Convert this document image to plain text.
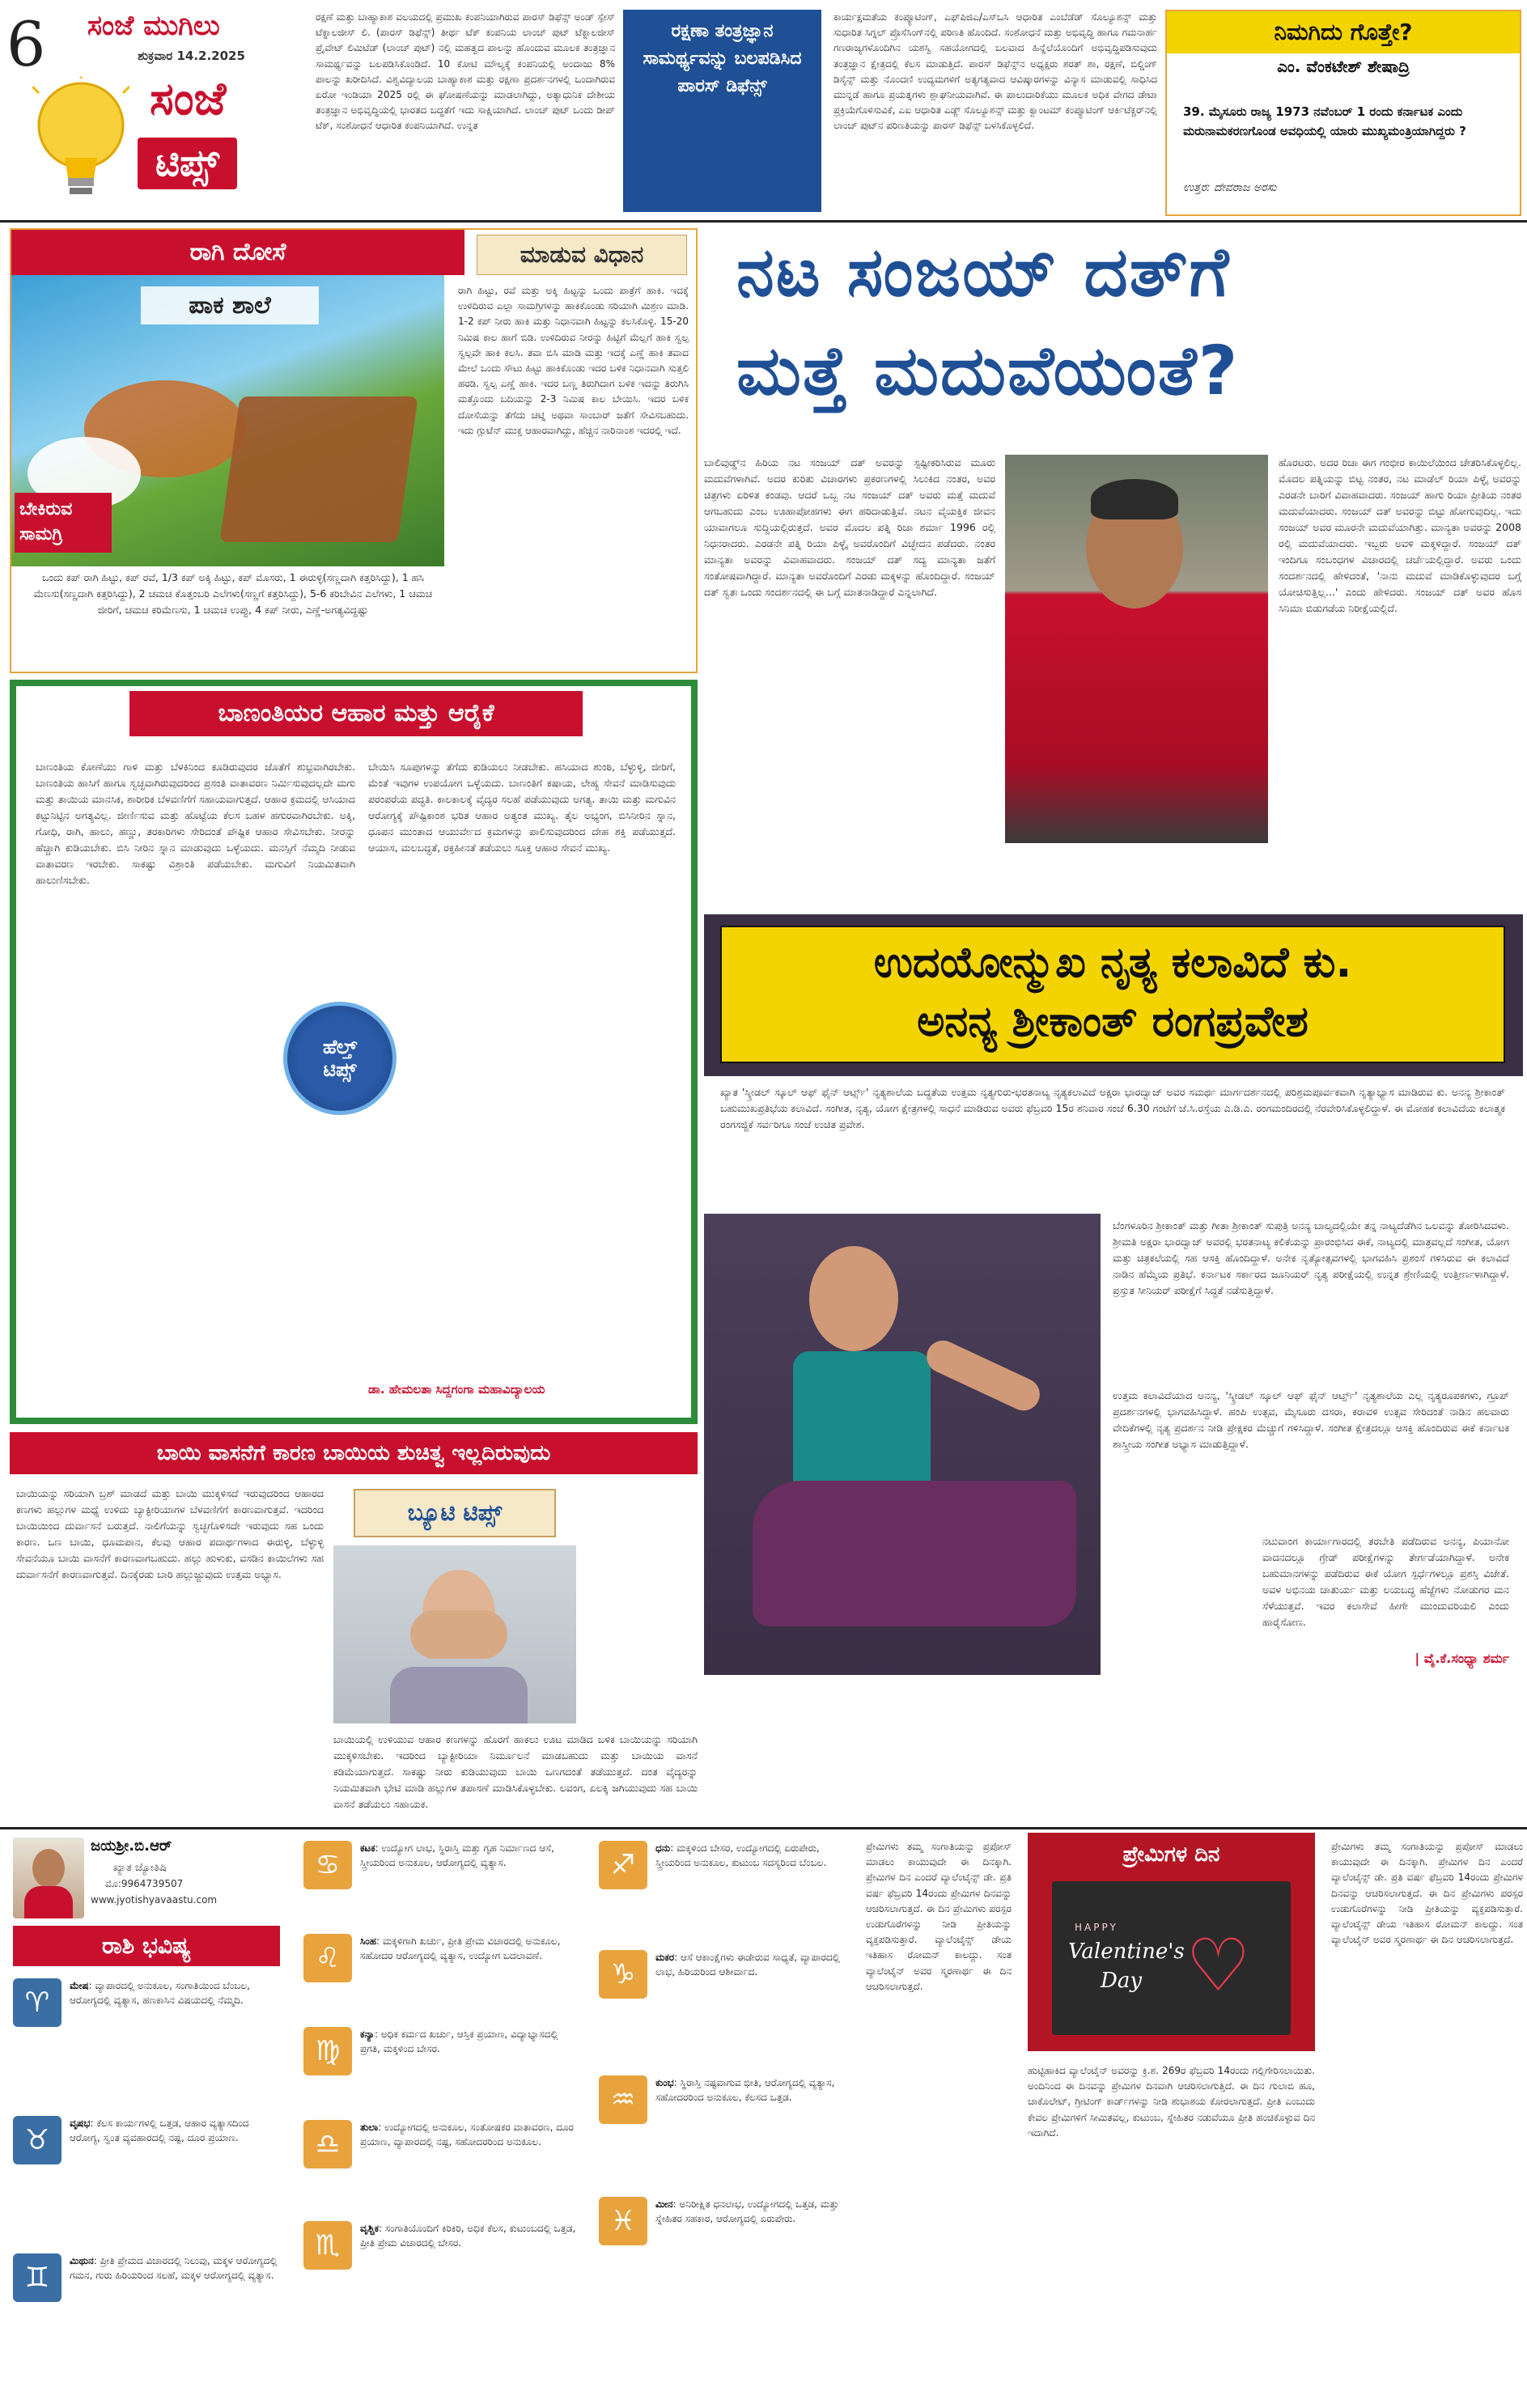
6 ಸಂಜೆ ಮುಗಿಲು
ಶುಕ್ರವಾರ 14.2.2025
ಸಂಜೆ
ಟಿಪ್ಸ್
ರಕ್ಷಣೆ ಮತ್ತು ಬಾಹ್ಯಾಕಾಶ ವಲಯದಲ್ಲಿ ಪ್ರಮುಖ ಕಂಪನಿಯಾಗಿರುವ ಪಾರಸ್ ಡಿಫೆನ್ಸ್ ಅಂಡ್ ಸ್ಪೇಸ್ ಟೆಕ್ನಾಲಜೀಸ್ ಲಿ. (ಪಾರಸ್ ಡಿಫೆನ್ಸ್) ತೀರ್ಥ ಟೆಕ್ ಕಂಪನಿಯ ಲಾಂಚ್ ಪುಟ್ ಟೆಕ್ನಾಲಜೀಸ್ ಪ್ರೈವೇಟ್ ಲಿಮಿಟೆಡ್ (ಲಾಂಚ್ ಪುಟ್) ನಲ್ಲಿ ಮಹತ್ವದ ಪಾಲನ್ನು ಹೊಂದುವ ಮೂಲಕ ತಂತ್ರಜ್ಞಾನ ಸಾಮರ್ಥ್ಯವನ್ನು ಬಲಪಡಿಸಿಕೊಂಡಿದೆ. 10 ಕೋಟಿ ಮೌಲ್ಯಕ್ಕೆ ಕಂಪನಿಯಲ್ಲಿ ಅಂದಾಜು 8% ಪಾಲನ್ನು ಖರೀದಿಸಿದೆ. ವಿಶ್ವವಿದ್ಯಾಲಯ ಬಾಹ್ಯಾಕಾಶ ಮತ್ತು ರಕ್ಷಣಾ ಪ್ರದರ್ಶನಗಳಲ್ಲಿ ಒಂದಾಗಿರುವ ಏರೋ ಇಂಡಿಯಾ 2025 ರಲ್ಲಿ ಈ ಘೋಷಣೆಯನ್ನು ಮಾಡಲಾಗಿದ್ದು, ಅತ್ಯಾಧುನಿಕ ದೇಶೀಯ ತಂತ್ರಜ್ಞಾನ ಅಭಿವೃದ್ಧಿಯಲ್ಲಿ ಭಾರತದ ಬದ್ಧತೆಗೆ ಇದು ಸಾಕ್ಷಿಯಾಗಿದೆ. ಲಾಂಚ್ ಪುಟ್ ಒಂದು ಡೀಪ್ ಟೆಕ್, ಸಂಶೋಧನೆ ಆಧಾರಿತ ಕಂಪನಿಯಾಗಿದೆ. ಉನ್ನತ
ರಕ್ಷಣಾ ತಂತ್ರಜ್ಞಾನ ಸಾಮರ್ಥ್ಯವನ್ನು ಬಲಪಡಿಸಿದ ಪಾರಸ್ ಡಿಫೆನ್ಸ್
ಕಾರ್ಯಕ್ಷಮತೆಯ ಕಂಪ್ಯೂಟಿಂಗ್, ಎಫ್‌ಪಿಜಿಎ/ಎಸ್‌ಒಸಿ ಆಧಾರಿತ ಎಂಬೆಡೆಡ್ ಸೊಲ್ಯೂಶನ್ಸ್ ಮತ್ತು ಸುಧಾರಿತ ಸಿಗ್ನಲ್ ಪ್ರೊಸೆಸಿಂಗ್‌ನಲ್ಲಿ ಪರಿಣತಿ ಹೊಂದಿದೆ. ಸಂಶೋಧನೆ ಮತ್ತು ಅಭಿವೃದ್ಧಿ ಹಾಗೂ ಗಮನಾರ್ಹ ಗಣರಾಜ್ಯಗಳೊಂದಿಗಿನ ಯಶಸ್ವಿ ಸಹಯೋಗದಲ್ಲಿ ಬಲವಾದ ಹಿನ್ನೆಲೆಯೊಂದಿಗೆ ಅಭಿವೃದ್ಧಿಪಡಿಸುವುದು ತಂತ್ರಜ್ಞಾನ ಕ್ಷೇತ್ರದಲ್ಲಿ ಕೆಲಸ ಮಾಡುತ್ತಿದೆ. ಪಾರಸ್ ಡಿಫೆನ್ಸ್‌ನ ಅಧ್ಯಕ್ಷರು ಶರತ್ ಶಾ, ರಕ್ಷಣೆ, ಬಿಲ್ಡಿಂಗ್ ಡಿಸೈನ್ಸ್ ಮತ್ತು ನೊಂದಣಿ ಉದ್ಯಮಗಳಿಗೆ ಅತ್ಯಗತ್ಯವಾದ ಆವಿಷ್ಕಾರಗಳನ್ನು ವಿನ್ಯಾಸ ಮಾಡುವಲ್ಲಿ ಸಾಧಿಸಿದ ಮುನ್ನಡೆ ಹಾಗೂ ಪ್ರಯತ್ನಗಳು ಶ್ಲಾಘನೀಯವಾಗಿವೆ. ಈ ಪಾಲುದಾರಿಕೆಯು ಮೂಲಕ ಅಧಿಕ ವೇಗದ ಡೇಟಾ ಪ್ರಕ್ರಿಯೆಗೊಳಿಸುವಿಕೆ, ಎಐ ಆಧಾರಿತ ಎಡ್ಜ್ ಸೊಲ್ಯೂಶನ್ಸ್ ಮತ್ತು ಕ್ವಾಂಟಮ್ ಕಂಪ್ಯೂಟಿಂಗ್ ಆರ್ಕಿಟೆಕ್ಚರ್‌ನಲ್ಲಿ ಲಾಂಚ್ ಪುಟ್‌ನ ಪರಿಣತಿಯನ್ನು ಪಾರಸ್ ಡಿಫೆನ್ಸ್ ಬಳಸಿಕೊಳ್ಳಲಿದೆ.
ನಿಮಗಿದು ಗೊತ್ತೇ?
ಎಂ. ವೆಂಕಟೇಶ್ ಶೇಷಾದ್ರಿ
39. ಮೈಸೂರು ರಾಜ್ಯ 1973 ನವೆಂಬರ್ 1 ರಂದು ಕರ್ನಾಟಕ ಎಂದು ಮರುನಾಮಕರಣಗೊಂಡ ಅವಧಿಯಲ್ಲಿ ಯಾರು ಮುಖ್ಯಮಂತ್ರಿಯಾಗಿದ್ದರು ?
ಉತ್ತರ: ದೇವರಾಜ ಅರಸು
ರಾಗಿ ದೋಸೆ	ಮಾಡುವ ವಿಧಾನ
ಪಾಕ ಶಾಲೆ
ಬೇಕಿರುವ ಸಾಮಗ್ರಿ
ರಾಗಿ ಹಿಟ್ಟು, ರವೆ ಮತ್ತು ಅಕ್ಕಿ ಹಿಟ್ಟನ್ನು ಒಂದು ಪಾತ್ರೆಗೆ ಹಾಕಿ. ಇದಕ್ಕೆ ಉಳಿದಿರುವ ಎಲ್ಲಾ ಸಾಮಗ್ರಿಗಳನ್ನು ಹಾಕಿಕೊಂಡು ಸರಿಯಾಗಿ ಮಿಶ್ರಣ ಮಾಡಿ. 1-2 ಕಪ್ ನೀರು ಹಾಕಿ ಮತ್ತು ನಿಧಾನವಾಗಿ ಹಿಟ್ಟನ್ನು ಕಲಸಿಕೊಳ್ಳಿ. 15-20 ನಿಮಿಷ ಕಾಲ ಹಾಗೆ ಬಿಡಿ. ಉಳಿದಿರುವ ನೀರನ್ನು ಹಿಟ್ಟಿಗೆ ಮೆಲ್ಲಗೆ ಹಾಕಿ ಸ್ವಲ್ಪ ಸ್ವಲ್ಪವೇ ಹಾಕಿ ಕಲಸಿ. ತವಾ ಬಿಸಿ ಮಾಡಿ ಮತ್ತು ಇದಕ್ಕೆ ಎಣ್ಣೆ ಹಾಕಿ ತವಾದ ಮೇಲೆ ಒಂದು ಸೌಟು ಹಿಟ್ಟು ಹಾಕಿಕೊಂಡು ಇದರ ಬಳಿಕ ನಿಧಾನವಾಗಿ ಸುತ್ತಲಿ ಹರಡಿ. ಸ್ವಲ್ಪ ಎಣ್ಣೆ ಹಾಕಿ. ಇದರ ಬಣ್ಣ ತಿರುಗಿದಾಗ ಬಳಿಕ ಇದನ್ನು ತಿರುಗಿಸಿ ಮತ್ತೊಂದು ಬದಿಯನ್ನು 2-3 ನಿಮಿಷ ಕಾಲ ಬೇಯಿಸಿ. ಇದರ ಬಳಿಕ ದೋಸೆಯನ್ನು ತೆಗೆದು ಚಟ್ನಿ ಅಥವಾ ಸಾಂಬಾರ್ ಜತೆಗೆ ಸೇವಿಸಬಹುದು. ಇದು ಗ್ಲುಟೆನ್ ಮುಕ್ತ ಆಹಾರವಾಗಿದ್ದು, ಹೆಚ್ಚಿನ ನಾರಿನಾಂಶ ಇದರಲ್ಲಿ ಇದೆ.
ಒಂದು ಕಪ್ ರಾಗಿ ಹಿಟ್ಟು, ಕಪ್ ರವೆ, 1/3 ಕಪ್ ಅಕ್ಕಿ ಹಿಟ್ಟು, ಕಪ್ ಮೊಸರು, 1 ಈರುಳ್ಳಿ(ಸಣ್ಣದಾಗಿ ಕತ್ತರಿಸಿದ್ದು), 1 ಹಸಿ ಮೆಣಸು(ಸಣ್ಣದಾಗಿ ಕತ್ತರಿಸಿದ್ದು), 2 ಚಮಚ ಕೊತ್ತಂಬರಿ ಎಲೆಗಳು(ಸಣ್ಣಗೆ ಕತ್ತರಿಸಿದ್ದು), 5-6 ಕರಿಬೇವಿನ ಎಲೆಗಳು, 1 ಚಮಚ ಜೀರಿಗೆ, ಚಮಚ ಕರಿಮೆಣಸು, 1 ಚಮಚ ಉಪ್ಪು, 4 ಕಪ್ ನೀರು, ಎಣ್ಣೆ-ಅಗತ್ಯವಿದ್ದಷ್ಟು
ನಟ ಸಂಜಯ್ ದತ್‌ಗೆ
ಮತ್ತೆ ಮದುವೆಯಂತೆ?
ಬಾಲಿವುಡ್ಡ್‌ನ ಹಿರಿಯ ನಟ ಸಂಜಯ್ ದತ್ ಅವರನ್ನು ಸ್ಪಷ್ಟೀಕರಿಸಿರುವ ಮೂರು ಮದುವೆಗಳಾಗಿವೆ. ಅದರ ಕುರಿತು ವಿಚಾರಗಳು ಪ್ರಕರಣಗಳಲ್ಲಿ ಸಿಲುಕಿದ ನಂತರ, ಅವರ ಚಿತ್ರಗಳು ಏರಿಳಿತ ಕಂಡವು. ಆದರೆ ಒಬ್ಬ ನಟ ಸಂಜಯ್ ದತ್ ಅವರು ಮತ್ತೆ ಮದುವೆ ಆಗಬಹುದು ಎಂಬ ಊಹಾಪೋಹಗಳು ಈಗ ಹರಿದಾಡುತ್ತಿವೆ. ನಟನ ವೈಯಕ್ತಿಕ ಜೀವನ ಯಾವಾಗಲೂ ಸುದ್ದಿಯಲ್ಲಿರುತ್ತದೆ. ಅವರ ಮೊದಲ ಪತ್ನಿ ರಿಚಾ ಶರ್ಮಾ 1996 ರಲ್ಲಿ ನಿಧನರಾದರು. ಎರಡನೇ ಪತ್ನಿ ರಿಯಾ ಪಿಳ್ಳೈ ಅವರೊಂದಿಗೆ ವಿಚ್ಛೇದನ ಪಡೆದರು. ನಂತರ ಮಾನ್ಯತಾ ಅವರನ್ನು ವಿವಾಹವಾದರು. ಸಂಜಯ್ ದತ್ ಸದ್ಯ ಮಾನ್ಯತಾ ಜತೆಗೆ ಸಂತೋಷವಾಗಿದ್ದಾರೆ. ಮಾನ್ಯತಾ ಅವರೊಂದಿಗೆ ಎರಡು ಮಕ್ಕಳನ್ನು ಹೊಂದಿದ್ದಾರೆ. ಸಂಜಯ್ ದತ್ ಸ್ವತಃ ಒಂದು ಸಂದರ್ಶನದಲ್ಲಿ ಈ ಬಗ್ಗೆ ಮಾತನಾಡಿದ್ದಾರೆ ಎನ್ನಲಾಗಿದೆ.
ಹೊರಟರು. ಅದರ ರಿಚಾ ಈಗ ಗಂಭೀರ ಕಾಯಿಲೆಯಿಂದ ಚೇತರಿಸಿಕೊಳ್ಳಲಿಲ್ಲ. ಮೊದಲ ಪತ್ನಿಯನ್ನು ಬಿಟ್ಟ ನಂತರ, ನಟ ಮಾಡೆಲ್ ರಿಯಾ ಪಿಳ್ಳೈ ಅವರನ್ನು ಎರಡನೇ ಬಾರಿಗೆ ವಿವಾಹವಾದರು. ಸಂಜಯ್ ಹಾಗು ರಿಯಾ ಪ್ರೀತಿಯ ನಂತರ ಮದುವೆಯಾದರು. ಸಂಜಯ್ ದತ್ ಅವರನ್ನು ಬಿಟ್ಟು ಹೋಗುವುದಿಲ್ಲ. ಇದು ಸಂಜಯ್ ಅವರ ಮೂರನೇ ಮದುವೆಯಾಗಿತ್ತು. ಮಾನ್ಯತಾ ಅವರನ್ನು 2008 ರಲ್ಲಿ ಮದುವೆಯಾದರು. ಇಬ್ಬರು ಅವಳಿ ಮಕ್ಕಳಿದ್ದಾರೆ. ಸಂಜಯ್ ದತ್ ಇಂದಿಗೂ ಸಂಬಂಧಗಳ ವಿಚಾರದಲ್ಲಿ ಚರ್ಚೆಯಲ್ಲಿದ್ದಾರೆ. ಅವರು ಒಂದು ಸಂದರ್ಶನದಲ್ಲಿ ಹೇಳಿದಂತೆ, 'ನಾನು ಮದುವೆ ಮಾಡಿಕೊಳ್ಳುವುದರ ಬಗ್ಗೆ ಯೋಚಿಸುತ್ತಿಲ್ಲ...' ಎಂದು ಹೇಳಿದರು. ಸಂಜಯ್ ದತ್ ಅವರ ಹೊಸ ಸಿನಿಮಾ ಬಿಡುಗಡೆಯ ನಿರೀಕ್ಷೆಯಲ್ಲಿದೆ.
ಬಾಣಂತಿಯರ ಆಹಾರ ಮತ್ತು ಆರೈಕೆ
ಬಾಣಂತಿಯ ಕೋಣೆಯು ಗಾಳಿ ಮತ್ತು ಬೆಳಕಿನಿಂದ ಕೂಡಿರುವುದರ ಜೊತೆಗೆ ಶುಭ್ರವಾಗಿರಬೇಕು. ಬಾಣಂತಿಯ ಹಾಸಿಗೆ ಹಾಗೂ ಸ್ವಚ್ಛವಾಗಿರುವುದರಿಂದ ಪ್ರಸಂತಿ ವಾತಾವರಣ ನಿರ್ಮಿಸುವುದಲ್ಲದೇ ಮಗು ಮತ್ತು ತಾಯಿಯ ಮಾನಸಿಕ, ಶಾರೀರಿಕ ಬೆಳವಣಿಗೆಗೆ ಸಹಾಯವಾಗುತ್ತದೆ. ಆಹಾರ ಕ್ರಮದಲ್ಲಿ ಆಸಿಯಾದ ಕಟ್ಟುನಿಟ್ಟಿನ ಅಗತ್ಯವಿಲ್ಲ. ಜೀರ್ಣಿಸುವ ಮತ್ತು ಹೊಟ್ಟೆಯ ಕೆಲಸ ಬಹಳ ಹಗುರವಾಗಿರಬೇಕು. ಅಕ್ಕಿ, ಗೋಧಿ, ರಾಗಿ, ಹಾಲು, ಹಣ್ಣು, ತರಕಾರಿಗಳು ಸೇರಿದಂತೆ ಪೌಷ್ಟಿಕ ಆಹಾರ ಸೇವಿಸಬೇಕು. ನೀರನ್ನು ಹೆಚ್ಚಾಗಿ ಕುಡಿಯಬೇಕು. ಬಿಸಿ ನೀರಿನ ಸ್ನಾನ ಮಾಡುವುದು ಒಳ್ಳೆಯದು. ಮನಸ್ಸಿಗೆ ನೆಮ್ಮದಿ ನೀಡುವ ವಾತಾವರಣ ಇರಬೇಕು. ಸಾಕಷ್ಟು ವಿಶ್ರಾಂತಿ ಪಡೆಯಬೇಕು. ಮಗುವಿಗೆ ನಿಯಮಿತವಾಗಿ ಹಾಲುಣಿಸಬೇಕು.
ಬೇಯಿಸಿ ಸೂಪುಗಳನ್ನು ತೆಗೆದು ಕುಡಿಯಲು ನೀಡಬೇಕು. ಹಸಿಯಾದ ಶುಂಠಿ, ಬೆಳ್ಳುಳ್ಳಿ, ಜೀರಿಗೆ, ಮೆಂತೆ ಇವುಗಳ ಉಪಯೋಗ ಒಳ್ಳೆಯದು. ಬಾಣಂತಿಗೆ ಕಷಾಯ, ಲೇಹ್ಯ ಸೇವನೆ ಮಾಡಿಸುವುದು ಪರಂಪರೆಯ ಪದ್ಧತಿ. ಕಾಲಕಾಲಕ್ಕೆ ವೈದ್ಯರ ಸಲಹೆ ಪಡೆಯುವುದು ಅಗತ್ಯ. ತಾಯಿ ಮತ್ತು ಮಗುವಿನ ಆರೋಗ್ಯಕ್ಕೆ ಪೌಷ್ಟಿಕಾಂಶ ಭರಿತ ಆಹಾರ ಅತ್ಯಂತ ಮುಖ್ಯ. ತೈಲ ಅಭ್ಯಂಗ, ಬಿಸಿನೀರಿನ ಸ್ನಾನ, ಧೂಪನ ಮುಂತಾದ ಆಯುರ್ವೇದ ಕ್ರಮಗಳನ್ನು ಪಾಲಿಸುವುದರಿಂದ ದೇಹ ಶಕ್ತಿ ಪಡೆಯುತ್ತದೆ. ಆಯಾಸ, ಮಲಬದ್ಧತೆ, ರಕ್ತಹೀನತೆ ತಡೆಯಲು ಸೂಕ್ತ ಆಹಾರ ಸೇವನೆ ಮುಖ್ಯ.
ಹೆಲ್ತ್
ಟಿಪ್ಸ್
ಡಾ. ಹೇಮಲತಾ ಸಿದ್ದಗಂಗಾ ಮಹಾವಿದ್ಯಾಲಯ
ಉದಯೋನ್ಮುಖ ನೃತ್ಯ ಕಲಾವಿದೆ ಕು.
ಅನನ್ಯ ಶ್ರೀಕಾಂತ್ ರಂಗಪ್ರವೇಶ
ಖ್ಯಾತ 'ಸ್ಕ್ರೀಡಲ್ ಸ್ಕೂಲ್ ಆಫ್ ಫೈನ್ ಆರ್ಟ್ಸ್' ನೃತ್ಯಶಾಲೆಯ ಬದ್ಧತೆಯ ಉತ್ತಮ ನೃತ್ಯಗುರು-ಭರತನಾಟ್ಯ ನೃತ್ಯಕಲಾವಿದೆ ಅಕ್ಷರಾ ಭಾರದ್ವಾಜ್ ಅವರ ಸಮರ್ಥ ಮಾರ್ಗದರ್ಶನದಲ್ಲಿ ಪರಿಶ್ರಮಪೂರ್ವಕವಾಗಿ ನೃತ್ಯಾಭ್ಯಾಸ ಮಾಡಿರುವ ಕು. ಅನನ್ಯ ಶ್ರೀಕಾಂತ್ ಬಹುಮುಖಪ್ರತಿಭೆಯ ಕಲಾವಿದೆ. ಸಂಗೀತ, ನೃತ್ಯ, ಯೋಗ ಕ್ಷೇತ್ರಗಳಲ್ಲಿ ಸಾಧನೆ ಮಾಡಿರುವ ಅವರು ಫೆಬ್ರವರಿ 15ರ ಶನಿವಾರ ಸಂಜೆ 6.30 ಗಂಟೆಗೆ ಜೆ.ಸಿ.ರಸ್ತೆಯ ಎ.ಡಿ.ಎ. ರಂಗಮಂದಿರದಲ್ಲಿ ನೆರವೇರಿಸಿಕೊಳ್ಳಲಿದ್ದಾಳೆ. ಈ ಮೋಹಕ ಕಲಾವಿದೆಯ ಕಲಾತ್ಮಕ ರಂಗಸಜ್ಜಿಕೆ ಸರ್ವರಿಗೂ ಸಂಜೆ ಉಚಿತ ಪ್ರವೇಶ.
ಬೆಂಗಳೂರಿನ ಶ್ರೀಕಾಂತ್ ಮತ್ತು ಗೀತಾ ಶ್ರೀಕಾಂತ್ ಸುಪುತ್ರಿ ಅನನ್ಯ ಬಾಲ್ಯದಲ್ಲಿಯೇ ತನ್ನ ನಾಟ್ಯದೆಡೆಗಿನ ಒಲವನ್ನು ತೋರಿಸಿದವಳು. ಶ್ರೀಮತಿ ಅಕ್ಷರಾ ಭಾರದ್ವಾಜ್ ಅವರಲ್ಲಿ ಭರತನಾಟ್ಯ ಕಲಿಕೆಯನ್ನು ಪ್ರಾರಂಭಿಸಿದ ಈಕೆ, ನಾಟ್ಯದಲ್ಲಿ ಮಾತ್ರವಲ್ಲದೆ ಸಂಗೀತ, ಯೋಗ ಮತ್ತು ಚಿತ್ರಕಲೆಯಲ್ಲಿ ಸಹ ಆಸಕ್ತಿ ಹೊಂದಿದ್ದಾಳೆ. ಅನೇಕ ನೃತ್ಯೋತ್ಸವಗಳಲ್ಲಿ ಭಾಗವಹಿಸಿ ಪ್ರಶಂಸೆ ಗಳಿಸಿರುವ ಈ ಕಲಾವಿದೆ ನಾಡಿನ ಹೆಮ್ಮೆಯ ಪ್ರತಿಭೆ. ಕರ್ನಾಟಕ ಸರ್ಕಾರದ ಜೂನಿಯರ್ ನೃತ್ಯ ಪರೀಕ್ಷೆಯಲ್ಲಿ ಉನ್ನತ ಶ್ರೇಣಿಯಲ್ಲಿ ಉತ್ತೀರ್ಣಳಾಗಿದ್ದಾಳೆ. ಪ್ರಸ್ತುತ ಸೀನಿಯರ್ ಪರೀಕ್ಷೆಗೆ ಸಿದ್ಧತೆ ನಡೆಸುತ್ತಿದ್ದಾಳೆ.
ಉತ್ತಮ ಕಲಾವಿದೆಯಾದ ಅನನ್ಯ, 'ಸ್ಕ್ರೀಡಲ್ ಸ್ಕೂಲ್ ಆಫ್ ಫೈನ್ ಆರ್ಟ್ಸ್' ನೃತ್ಯಶಾಲೆಯ ಎಲ್ಲ ನೃತ್ಯರೂಪಕಗಳು, ಗ್ರೂಪ್ ಪ್ರದರ್ಶನಗಳಲ್ಲಿ ಭಾಗವಹಿಸಿದ್ದಾಳೆ. ಹಂಪಿ ಉತ್ಸವ, ಮೈಸೂರು ದಸರಾ, ಕರಾವಳಿ ಉತ್ಸವ ಸೇರಿದಂತೆ ನಾಡಿನ ಹಲವಾರು ವೇದಿಕೆಗಳಲ್ಲಿ ನೃತ್ಯ ಪ್ರದರ್ಶನ ನೀಡಿ ಪ್ರೇಕ್ಷಕರ ಮೆಚ್ಚುಗೆ ಗಳಿಸಿದ್ದಾಳೆ. ಸಂಗೀತ ಕ್ಷೇತ್ರದಲ್ಲೂ ಆಸಕ್ತಿ ಹೊಂದಿರುವ ಈಕೆ ಕರ್ನಾಟಕ ಶಾಸ್ತ್ರೀಯ ಸಂಗೀತ ಅಭ್ಯಾಸ ಮಾಡುತ್ತಿದ್ದಾಳೆ.
ನಟುವಾಂಗ ಕಾರ್ಯಾಗಾರದಲ್ಲಿ ತರಬೇತಿ ಪಡೆದಿರುವ ಅನನ್ಯ, ಪಿಯಾನೋ ವಾದನದಲ್ಲೂ ಗ್ರೇಡ್ ಪರೀಕ್ಷೆಗಳನ್ನು ತೇರ್ಗಡೆಯಾಗಿದ್ದಾಳೆ. ಅನೇಕ ಬಹುಮಾನಗಳನ್ನು ಪಡೆದಿರುವ ಈಕೆ ಯೋಗ ಸ್ಪರ್ಧೆಗಳಲ್ಲೂ ಪ್ರಶಸ್ತಿ ವಿಜೇತೆ. ಅವಳ ಅಭಿನಯ ಚಾತುರ್ಯ ಮತ್ತು ಲಯಬದ್ಧ ಹೆಜ್ಜೆಗಳು ನೋಡುಗರ ಮನ ಸೆಳೆಯುತ್ತವೆ. ಇವರ ಕಲಾಸೇವೆ ಹೀಗೇ ಮುಂದುವರಿಯಲಿ ಎಂದು ಹಾರೈಸೋಣ.
| ವೈ.ಕೆ.ಸಂಧ್ಯಾ ಶರ್ಮ
ಬಾಯಿ ವಾಸನೆಗೆ ಕಾರಣ ಬಾಯಿಯ ಶುಚಿತ್ವ ಇಲ್ಲದಿರುವುದು
ಬಾಯಿಯನ್ನು ಸರಿಯಾಗಿ ಬ್ರಶ್ ಮಾಡದೆ ಮತ್ತು ಬಾಯಿ ಮುಕ್ಕಳಿಸದೆ ಇರುವುದರಿಂದ ಆಹಾರದ ಕಣಗಳು ಹಲ್ಲುಗಳ ಮಧ್ಯೆ ಉಳಿದು ಬ್ಯಾಕ್ಟೀರಿಯಾಗಳ ಬೆಳವಣಿಗೆಗೆ ಕಾರಣವಾಗುತ್ತವೆ. ಇದರಿಂದ ಬಾಯಿಯಿಂದ ದುರ್ವಾಸನೆ ಬರುತ್ತದೆ. ನಾಲಿಗೆಯನ್ನು ಸ್ವಚ್ಛಗೊಳಿಸದೇ ಇರುವುದು ಸಹ ಒಂದು ಕಾರಣ. ಒಣ ಬಾಯಿ, ಧೂಮಪಾನ, ಕೆಲವು ಆಹಾರ ಪದಾರ್ಥಗಳಾದ ಈರುಳ್ಳಿ, ಬೆಳ್ಳುಳ್ಳಿ ಸೇವನೆಯೂ ಬಾಯಿ ವಾಸನೆಗೆ ಕಾರಣವಾಗಬಹುದು. ಹಲ್ಲು ಹುಳುಕು, ವಸಡಿನ ಕಾಯಿಲೆಗಳು ಸಹ ದುರ್ವಾಸನೆಗೆ ಕಾರಣವಾಗುತ್ತವೆ. ದಿನಕ್ಕೆರಡು ಬಾರಿ ಹಲ್ಲುಜ್ಜುವುದು ಉತ್ತಮ ಅಭ್ಯಾಸ.
ಬ್ಯೂಟಿ ಟಿಪ್ಸ್
ಬಾಯಿಯಲ್ಲಿ ಉಳಿಯುವ ಆಹಾರ ಕಣಗಳನ್ನು ಹೊರಗೆ ಹಾಕಲು ಊಟ ಮಾಡಿದ ಬಳಿಕ ಬಾಯಿಯನ್ನು ಸರಿಯಾಗಿ ಮುಕ್ಕಳಿಸಬೇಕು. ಇದರಿಂದ ಬ್ಯಾಕ್ಟೀರಿಯಾ ನಿರ್ಮೂಲನೆ ಮಾಡಬಹುದು ಮತ್ತು ಬಾಯಿಯ ವಾಸನೆ ಕಡಿಮೆಯಾಗುತ್ತದೆ. ಸಾಕಷ್ಟು ನೀರು ಕುಡಿಯುವುದು ಬಾಯಿ ಒಣಗದಂತೆ ತಡೆಯುತ್ತದೆ. ದಂತ ವೈದ್ಯರನ್ನು ನಿಯಮಿತವಾಗಿ ಭೇಟಿ ಮಾಡಿ ಹಲ್ಲುಗಳ ತಪಾಸಣೆ ಮಾಡಿಸಿಕೊಳ್ಳಬೇಕು. ಲವಂಗ, ಏಲಕ್ಕಿ ಜಗಿಯುವುದು ಸಹ ಬಾಯಿ ವಾಸನೆ ತಡೆಯಲು ಸಹಾಯಕ.
ಜಯಶ್ರೀ.ಬಿ.ಆರ್
ಖ್ಯಾತ ಜ್ಯೋತಿಷಿ
ಮೊ:9964739507
www.jyotishyavaastu.com
ರಾಶಿ ಭವಿಷ್ಯ
♈
ಮೇಷ: ವ್ಯಾಪಾರದಲ್ಲಿ ಅನುಕೂಲ, ಸಂಗಾತಿಯಿಂದ ಬೆಂಬಲ, ಆರೋಗ್ಯದಲ್ಲಿ ವ್ಯತ್ಯಾಸ, ಹಣಕಾಸಿನ ವಿಷಯದಲ್ಲಿ ನೆಮ್ಮದಿ.
♉
ವೃಷಭ: ಕೆಲಸ ಕಾರ್ಯಗಳಲ್ಲಿ ಒತ್ತಡ, ಆಹಾರ ವ್ಯತ್ಯಾಸದಿಂದ ಆರೋಗ್ಯ, ಸ್ವಂತ ವ್ಯವಹಾರದಲ್ಲಿ ನಷ್ಟ, ದೂರ ಪ್ರಯಾಣ.
♊
ಮಿಥುನ: ಪ್ರೀತಿ ಪ್ರೇಮದ ವಿಚಾರದಲ್ಲಿ ನಿಲುವು, ಮಕ್ಕಳ ಆರೋಗ್ಯದಲ್ಲಿ ಗಮನ, ಗುರು ಹಿರಿಯರಿಂದ ಸಲಹೆ, ಮಕ್ಕಳ ಆರೋಗ್ಯದಲ್ಲಿ ವ್ಯತ್ಯಾಸ.
♋
ಕಟಕ: ಉದ್ಯೋಗ ಲಾಭ, ಸ್ಥಿರಾಸ್ತಿ ಮತ್ತು ಗೃಹ ನಿರ್ಮಾಣದ ಆಸೆ, ಸ್ತ್ರೀಯರಿಂದ ಅನುಕೂಲ, ಆರೋಗ್ಯದಲ್ಲಿ ವ್ಯತ್ಯಾಸ.
♌
ಸಿಂಹ: ಮಕ್ಕಳಿಗಾಗಿ ಖರ್ಚು, ಪ್ರೀತಿ ಪ್ರೇಮ ವಿಚಾರದಲ್ಲಿ ಅನುಕೂಲ, ಸಹೋದರ ಆರೋಗ್ಯದಲ್ಲಿ ವ್ಯತ್ಯಾಸ, ಉದ್ಯೋಗ ಬದಲಾವಣೆ.
♍
ಕನ್ಯಾ: ಅಧಿಕ ಕರ್ಮದ ಖರ್ಚು, ಆಸ್ತಿಕ ಪ್ರಯಾಣ, ವಿದ್ಯಾಭ್ಯಾಸದಲ್ಲಿ ಪ್ರಗತಿ, ಮಕ್ಕಳಿಂದ ಬೇಸರ.
♎
ತುಲಾ: ಉದ್ಯೋಗದಲ್ಲಿ ಅನುಕೂಲ, ಸಂತೋಷಕರ ವಾತಾವರಣ, ದೂರ ಪ್ರಯಾಣ, ವ್ಯಾಪಾರದಲ್ಲಿ ನಷ್ಟ, ಸಹೋದರರಿಂದ ಅನುಕೂಲ.
♏
ವೃಶ್ಚಿಕ: ಸಂಗಾತಿಯೊಂದಿಗೆ ಕಿರಿಕಿರಿ, ಅಧಿಕ ಕೆಲಸ, ಕುಟುಂಬದಲ್ಲಿ ಒತ್ತಡ, ಪ್ರೀತಿ ಪ್ರೇಮ ವಿಚಾರದಲ್ಲಿ ಬೇಸರ.
♐
ಧನು: ಮಕ್ಕಳಿಂದ ಬೇಸರ, ಉದ್ಯೋಗದಲ್ಲಿ ಏರುಪೇರು, ಸ್ತ್ರೀಯರಿಂದ ಅನುಕೂಲ, ಕುಟುಂಬ ಸದಸ್ಯರಿಂದ ಬೆಂಬಲ.
♑
ಮಕರ: ಆಸೆ ಆಕಾಂಕ್ಷೆಗಳು ಈಡೇರುವ ಸಾಧ್ಯತೆ, ವ್ಯಾಪಾರದಲ್ಲಿ ಲಾಭ, ಹಿರಿಯರಿಂದ ಆಶೀರ್ವಾದ.
♒
ಕುಂಭ: ಸ್ಥಿರಾಸ್ತಿ ನಷ್ಟವಾಗುವ ಭೀತಿ, ಆರೋಗ್ಯದಲ್ಲಿ ವ್ಯತ್ಯಾಸ, ಸಹೋದರರಿಂದ ಅನುಕೂಲ, ಕೆಲಸದ ಒತ್ತಡ.
♓
ಮೀನ: ಅನಿರೀಕ್ಷಿತ ಧನಲಾಭ, ಉದ್ಯೋಗದಲ್ಲಿ ಒತ್ತಡ, ಮತ್ತು ಸ್ನೇಹಿತರ ಸಹಕಾರ, ಆರೋಗ್ಯದಲ್ಲಿ ಏರುಪೇರು.
ಪ್ರೇಮಿಗಳು ತಮ್ಮ ಸಂಗಾತಿಯನ್ನು ಪ್ರಪೋಸ್ ಮಾಡಲು ಕಾಯುವುದೇ ಈ ದಿನಕ್ಕಾಗಿ. ಪ್ರೇಮಿಗಳ ದಿನ ಎಂದರೆ ವ್ಯಾಲೆಂಟೈನ್ಸ್ ಡೇ. ಪ್ರತಿ ವರ್ಷ ಫೆಬ್ರವರಿ 14ರಂದು ಪ್ರೇಮಿಗಳ ದಿನವನ್ನು ಆಚರಿಸಲಾಗುತ್ತದೆ. ಈ ದಿನ ಪ್ರೇಮಿಗಳು ಪರಸ್ಪರ ಉಡುಗೊರೆಗಳನ್ನು ನೀಡಿ ಪ್ರೀತಿಯನ್ನು ವ್ಯಕ್ತಪಡಿಸುತ್ತಾರೆ. ವ್ಯಾಲೆಂಟೈನ್ಸ್ ಡೇಯ ಇತಿಹಾಸ ರೋಮನ್ ಕಾಲದ್ದು. ಸಂತ ವ್ಯಾಲೆಂಟೈನ್ ಅವರ ಸ್ಮರಣಾರ್ಥ ಈ ದಿನ ಆಚರಿಸಲಾಗುತ್ತದೆ.
ಪ್ರೇಮಿಗಳ ದಿನ
HAPPY
Valentine's
Day ♡
ಹುಟ್ಟಿಹಾಕಿದ ವ್ಯಾಲೆಂಟೈನ್ ಅವರನ್ನು ಕ್ರಿ.ಶ. 269ರ ಫೆಬ್ರವರಿ 14ರಂದು ಗಲ್ಲಿಗೇರಿಸಲಾಯಿತು. ಅಂದಿನಿಂದ ಈ ದಿನವನ್ನು ಪ್ರೇಮಿಗಳ ದಿನವಾಗಿ ಆಚರಿಸಲಾಗುತ್ತಿದೆ. ಈ ದಿನ ಗುಲಾಬಿ ಹೂ, ಚಾಕೊಲೇಟ್, ಗ್ರೀಟಿಂಗ್ ಕಾರ್ಡ್‌ಗಳನ್ನು ನೀಡಿ ಶುಭಾಶಯ ಕೋರಲಾಗುತ್ತದೆ. ಪ್ರೀತಿ ಎಂಬುದು ಕೇವಲ ಪ್ರೇಮಿಗಳಿಗೆ ಸೀಮಿತವಲ್ಲ, ಕುಟುಂಬ, ಸ್ನೇಹಿತರ ನಡುವೆಯೂ ಪ್ರೀತಿ ಹಂಚಿಕೊಳ್ಳುವ ದಿನ ಇದಾಗಿದೆ.
ಪ್ರೇಮಿಗಳು ತಮ್ಮ ಸಂಗಾತಿಯನ್ನು ಪ್ರಪೋಸ್ ಮಾಡಲು ಕಾಯುವುದೇ ಈ ದಿನಕ್ಕಾಗಿ. ಪ್ರೇಮಿಗಳ ದಿನ ಎಂದರೆ ವ್ಯಾಲೆಂಟೈನ್ಸ್ ಡೇ. ಪ್ರತಿ ವರ್ಷ ಫೆಬ್ರವರಿ 14ರಂದು ಪ್ರೇಮಿಗಳ ದಿನವನ್ನು ಆಚರಿಸಲಾಗುತ್ತದೆ. ಈ ದಿನ ಪ್ರೇಮಿಗಳು ಪರಸ್ಪರ ಉಡುಗೊರೆಗಳನ್ನು ನೀಡಿ ಪ್ರೀತಿಯನ್ನು ವ್ಯಕ್ತಪಡಿಸುತ್ತಾರೆ. ವ್ಯಾಲೆಂಟೈನ್ಸ್ ಡೇಯ ಇತಿಹಾಸ ರೋಮನ್ ಕಾಲದ್ದು. ಸಂತ ವ್ಯಾಲೆಂಟೈನ್ ಅವರ ಸ್ಮರಣಾರ್ಥ ಈ ದಿನ ಆಚರಿಸಲಾಗುತ್ತದೆ.
